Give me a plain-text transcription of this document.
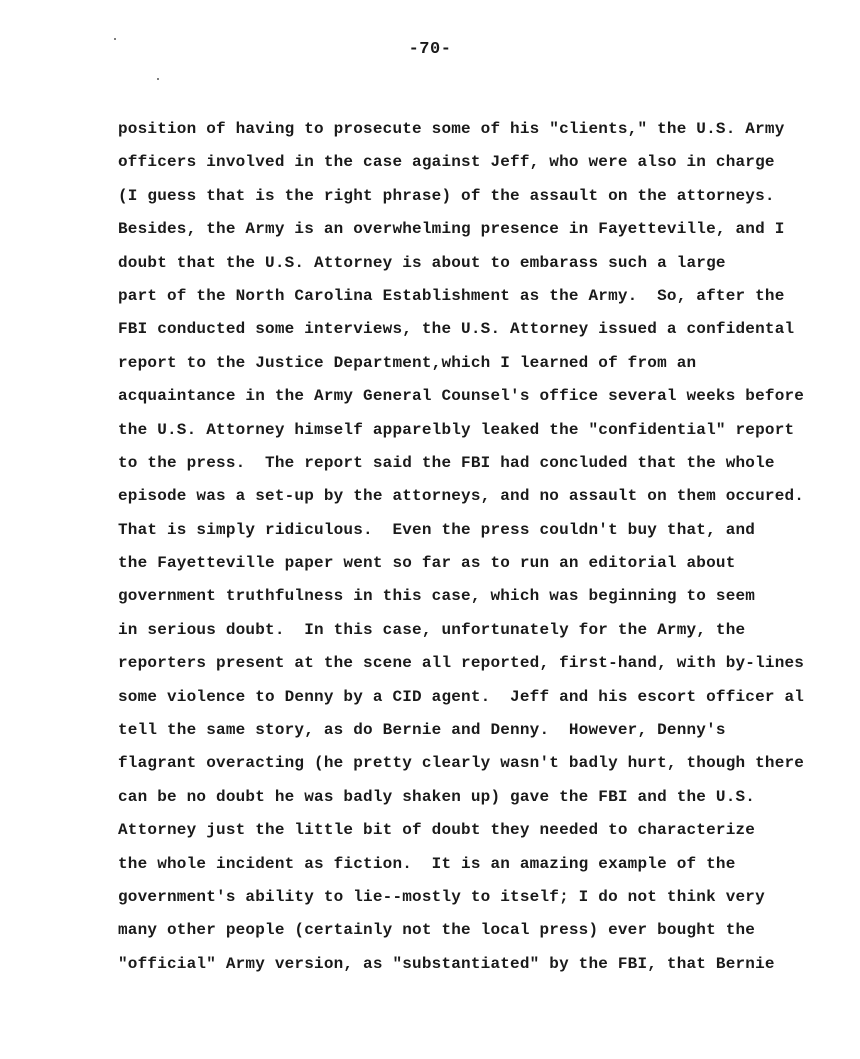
-70-
position of having to prosecute some of his "clients," the U.S. Army
officers involved in the case against Jeff, who were also in charge
(I guess that is the right phrase) of the assault on the attorneys.
Besides, the Army is an overwhelming presence in Fayetteville, and I
doubt that the U.S. Attorney is about to embarass such a large
part of the North Carolina Establishment as the Army.  So, after the
FBI conducted some interviews, the U.S. Attorney issued a confidental
report to the Justice Department,which I learned of from an
acquaintance in the Army General Counsel's office several weeks before
the U.S. Attorney himself apparelbly leaked the "confidential" report
to the press.  The report said the FBI had concluded that the whole
episode was a set-up by the attorneys, and no assault on them occured.
That is simply ridiculous.  Even the press couldn't buy that, and
the Fayetteville paper went so far as to run an editorial about
government truthfulness in this case, which was beginning to seem
in serious doubt.  In this case, unfortunately for the Army, the
reporters present at the scene all reported, first-hand, with by-lines
some violence to Denny by a CID agent.  Jeff and his escort officer al
tell the same story, as do Bernie and Denny.  However, Denny's
flagrant overacting (he pretty clearly wasn't badly hurt, though there
can be no doubt he was badly shaken up) gave the FBI and the U.S.
Attorney just the little bit of doubt they needed to characterize
the whole incident as fiction.  It is an amazing example of the
government's ability to lie--mostly to itself; I do not think very
many other people (certainly not the local press) ever bought the
"official" Army version, as "substantiated" by the FBI, that Bernie
